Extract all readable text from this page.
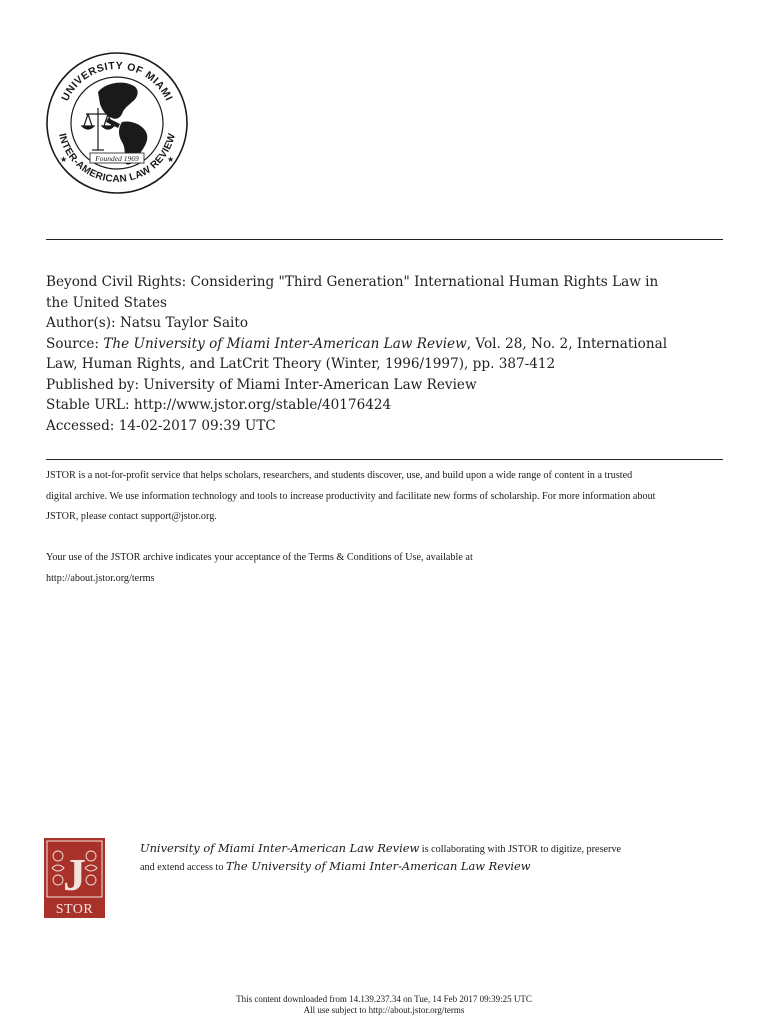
UNIVERSITY OF MIAMI
INTER-AMERICAN LAW REVIEW
Founded 1969
★	★

Beyond Civil Rights: Considering "Third Generation" International Human Rights Law in

the United States

Author(s): Natsu Taylor Saito

Source: The University of Miami Inter-American Law Review, Vol. 28, No. 2, International

Law, Human Rights, and LatCrit Theory (Winter, 1996/1997), pp. 387-412

Published by: University of Miami Inter-American Law Review

Stable URL: http://www.jstor.org/stable/40176424

Accessed: 14-02-2017 09:39 UTC

JSTOR is a not-for-profit service that helps scholars, researchers, and students discover, use, and build upon a wide range of content in a trusted

digital archive. We use information technology and tools to increase productivity and facilitate new forms of scholarship. For more information about

JSTOR, please contact support@jstor.org.

Your use of the JSTOR archive indicates your acceptance of the Terms & Conditions of Use, available at

http://about.jstor.org/terms

J
STOR

University of Miami Inter-American Law Review is collaborating with JSTOR to digitize, preserve

and extend access to The University of Miami Inter-American Law Review

This content downloaded from 14.139.237.34 on Tue, 14 Feb 2017 09:39:25 UTC

All use subject to http://about.jstor.org/terms
